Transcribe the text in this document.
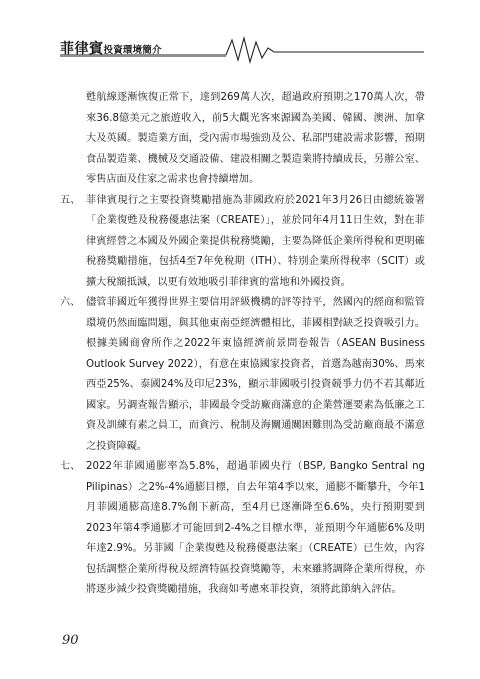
菲律賓投資環境簡介
甦航線逐漸恢復正常下，達到269萬人次，超過政府預期之170萬人次，帶來36.8億美元之旅遊收入，前5大觀光客來源國為美國、韓國、澳洲、加拿大及英國。製造業方面，受內需市場強勁及公、私部門建設需求影響，預期食品製造業、機械及交通設備、建設相關之製造業將持續成長，另辦公室、零售店面及住家之需求也會持續增加。
五、 菲律賓現行之主要投資獎勵措施為菲國政府於2021年3月26日由總統簽署「企業復甦及稅務優惠法案（CREATE）」，並於同年4月11日生效，對在菲律賓經營之本國及外國企業提供稅務獎勵，主要為降低企業所得稅和更明確稅務獎勵措施，包括4至7年免稅期（ITH）、特別企業所得稅率（SCIT）或擴大稅額抵減，以更有效地吸引菲律賓的當地和外國投資。
六、 儘管菲國近年獲得世界主要信用評級機構的評等持平，然國內的經商和監管環境仍然面臨問題，與其他東南亞經濟體相比，菲國相對缺乏投資吸引力。根據美國商會所作之2022年東協經濟前景問卷報告（ASEAN Business Outlook Survey 2022），有意在東協國家投資者，首選為越南30%、馬來西亞25%、泰國24%及印尼23%，顯示菲國吸引投資競爭力仍不若其鄰近國家。另調查報告顯示，菲國最令受訪廠商滿意的企業營運要素為低廉之工資及訓練有素之員工，而貪污、稅制及海關通關困難則為受訪廠商最不滿意之投資障礙。
七、 2022年菲國通膨率為5.8%，超過菲國央行（BSP, Bangko Sentral ng Pilipinas）之2%-4%通膨目標，自去年第4季以來，通膨不斷攀升，今年1月菲國通膨高達8.7%創下新高，至4月已逐漸降至6.6%，央行預期要到2023年第4季通膨才可能回到2-4%之目標水準，並預期今年通膨6%及明年達2.9%。另菲國「企業復甦及稅務優惠法案」（CREATE）已生效，內容包括調整企業所得稅及經濟特區投資獎勵等，未來雖將調降企業所得稅，亦將逐步減少投資獎勵措施，我商如考慮來菲投資，須將此節納入評估。
90
